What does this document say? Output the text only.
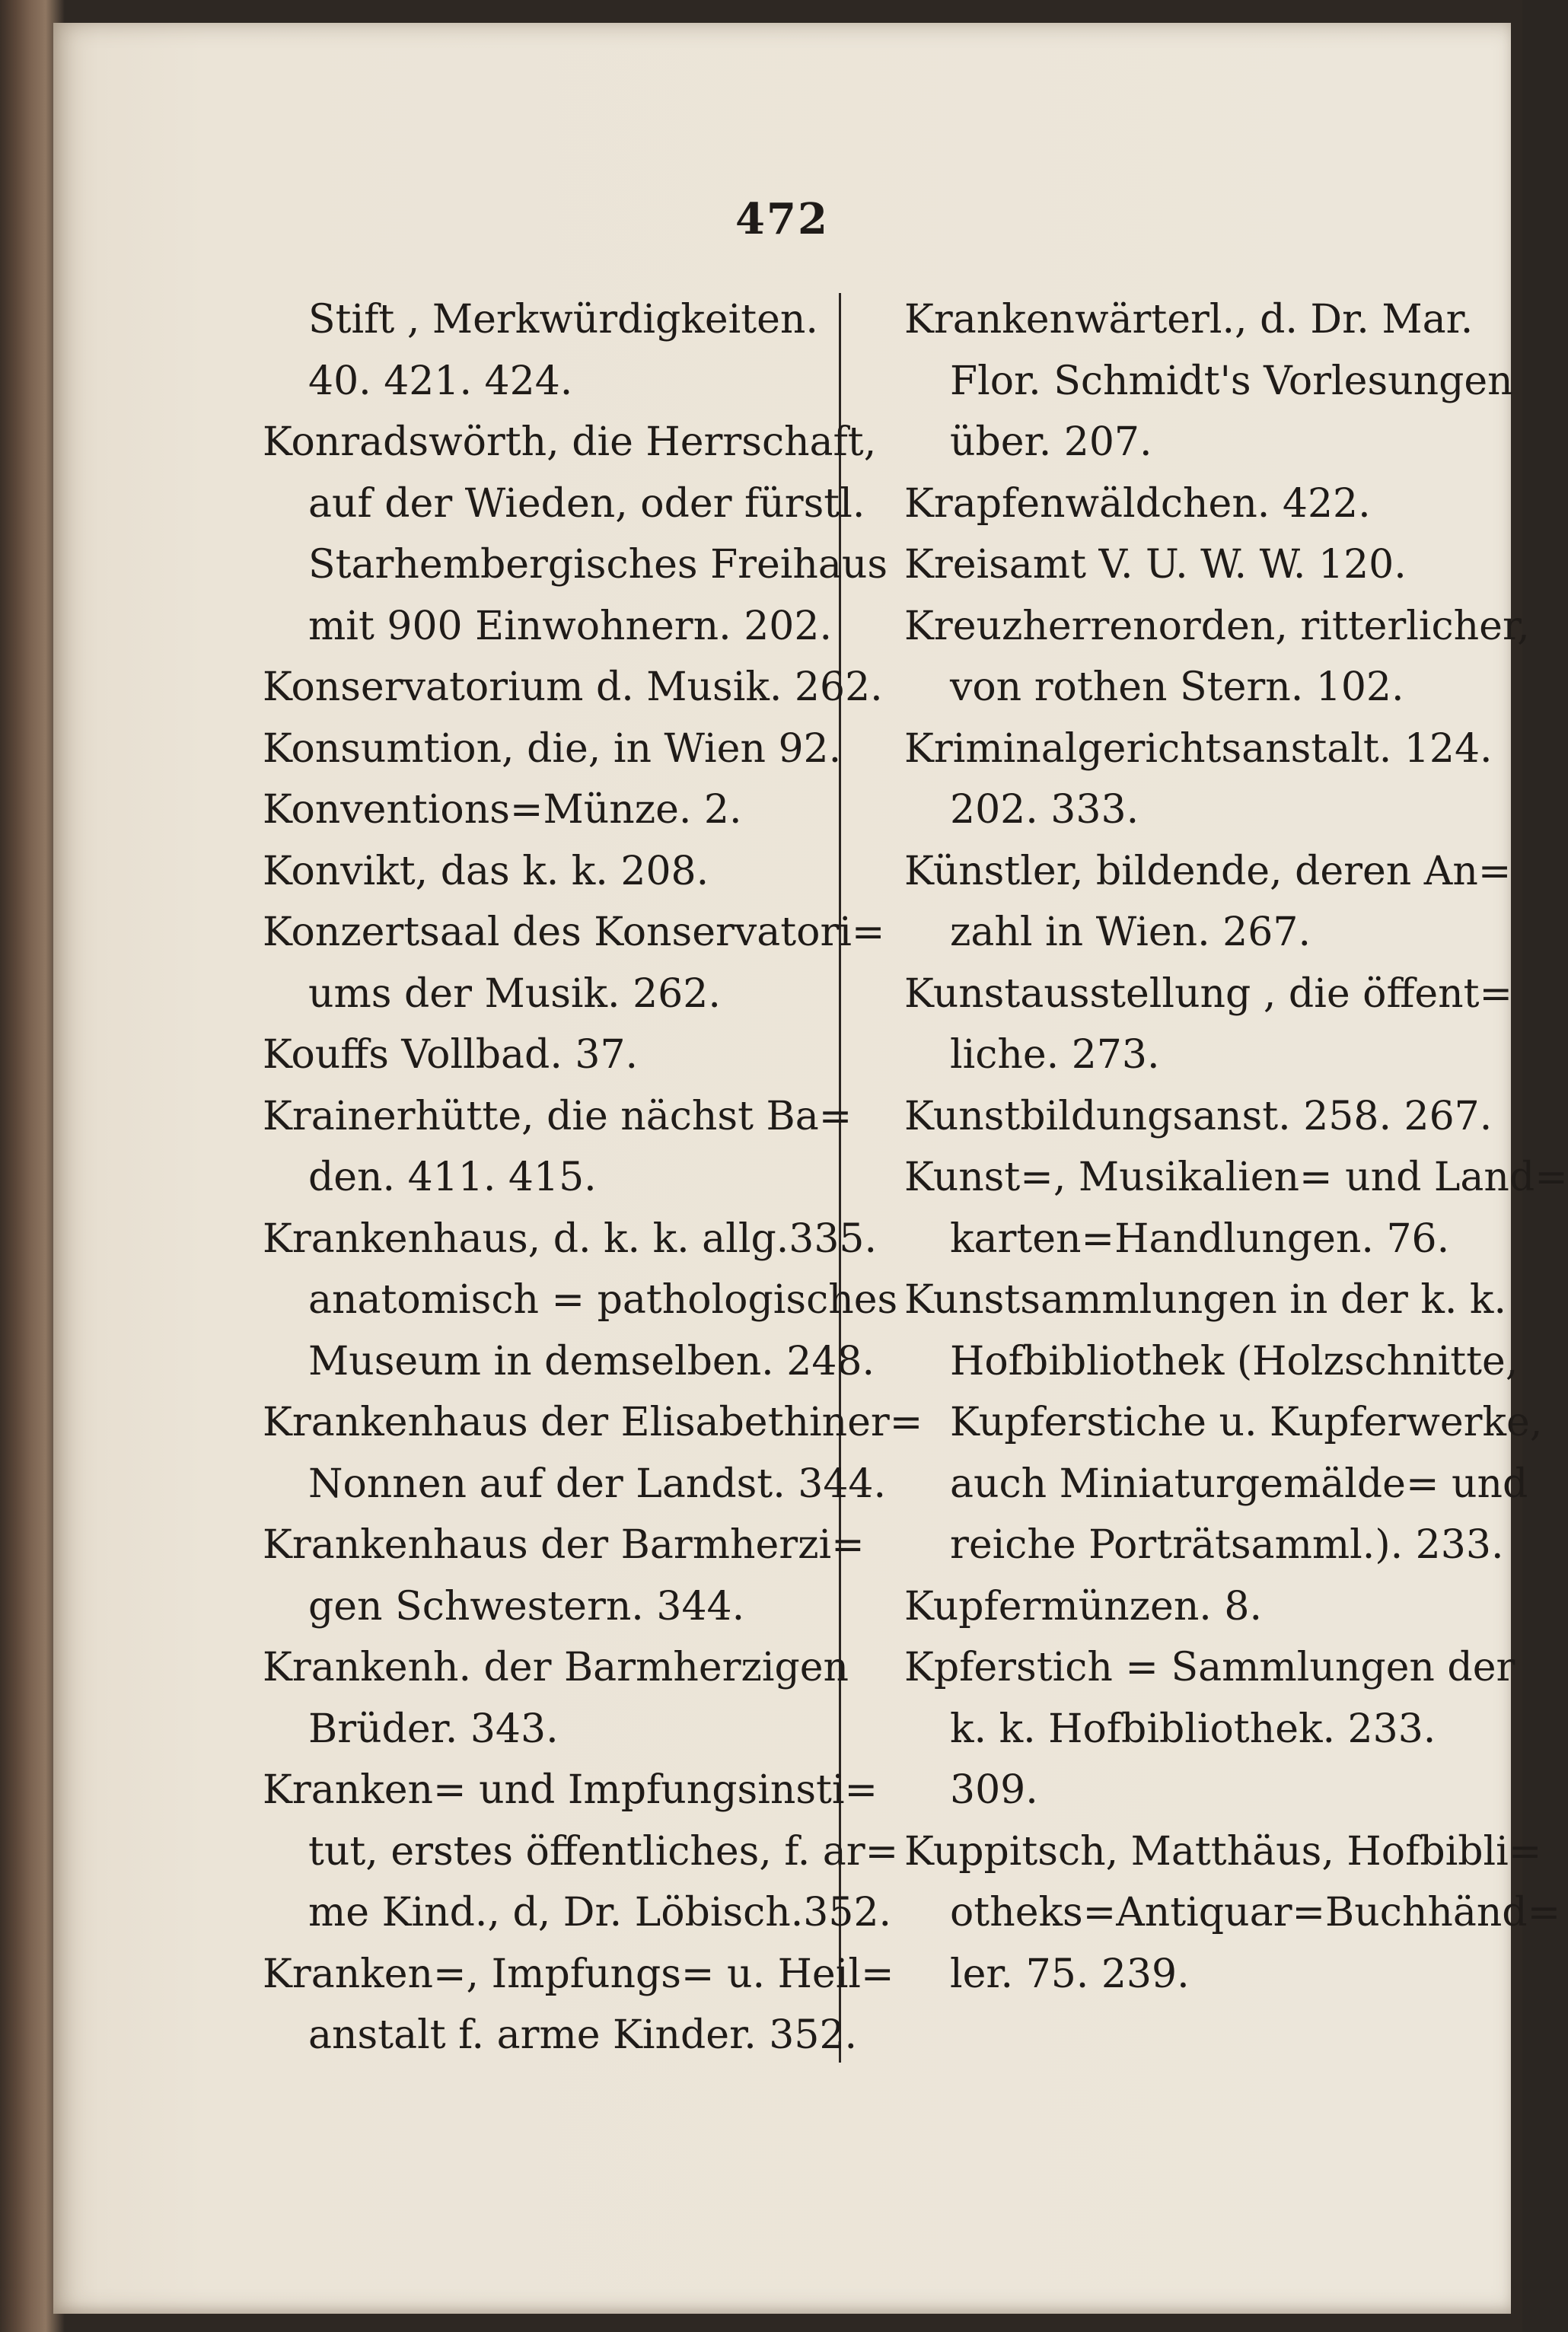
472
Stift , Merkwürdigkeiten.
40. 421. 424.
Konradswörth, die Herrschaft,
auf der Wieden, oder fürstl.
Starhembergisches Freihaus
mit 900 Einwohnern. 202.
Konservatorium d. Musik. 262.
Konsumtion, die, in Wien 92.
Konventions=Münze. 2.
Konvikt, das k. k. 208.
Konzertsaal des Konservatori=
ums der Musik. 262.
Kouffs Vollbad. 37.
Krainerhütte, die nächst Ba=
den. 411. 415.
Krankenhaus, d. k. k. allg.335.
anatomisch = pathologisches
Museum in demselben. 248.
Krankenhaus der Elisabethiner=
Nonnen auf der Landst. 344.
Krankenhaus der Barmherzi=
gen Schwestern. 344.
Krankenh. der Barmherzigen
Brüder. 343.
Kranken= und Impfungsinsti=
tut, erstes öffentliches, f. ar=
me Kind., d, Dr. Löbisch.352.
Kranken=, Impfungs= u. Heil=
anstalt f. arme Kinder. 352.
Krankenwärterl., d. Dr. Mar.
Flor. Schmidt's Vorlesungen
über. 207.
Krapfenwäldchen. 422.
Kreisamt V. U. W. W. 120.
Kreuzherrenorden, ritterlicher,
von rothen Stern. 102.
Kriminalgerichtsanstalt. 124.
202. 333.
Künstler, bildende, deren An=
zahl in Wien. 267.
Kunstausstellung , die öffent=
liche. 273.
Kunstbildungsanst. 258. 267.
Kunst=, Musikalien= und Land=
karten=Handlungen. 76.
Kunstsammlungen in der k. k.
Hofbibliothek (Holzschnitte,
Kupferstiche u. Kupferwerke,
auch Miniaturgemälde= und
reiche Porträtsamml.). 233.
Kupfermünzen. 8.
Kpferstich = Sammlungen der
k. k. Hofbibliothek. 233.
309.
Kuppitsch, Matthäus, Hofbibli=
otheks=Antiquar=Buchhänd=
ler. 75. 239.
